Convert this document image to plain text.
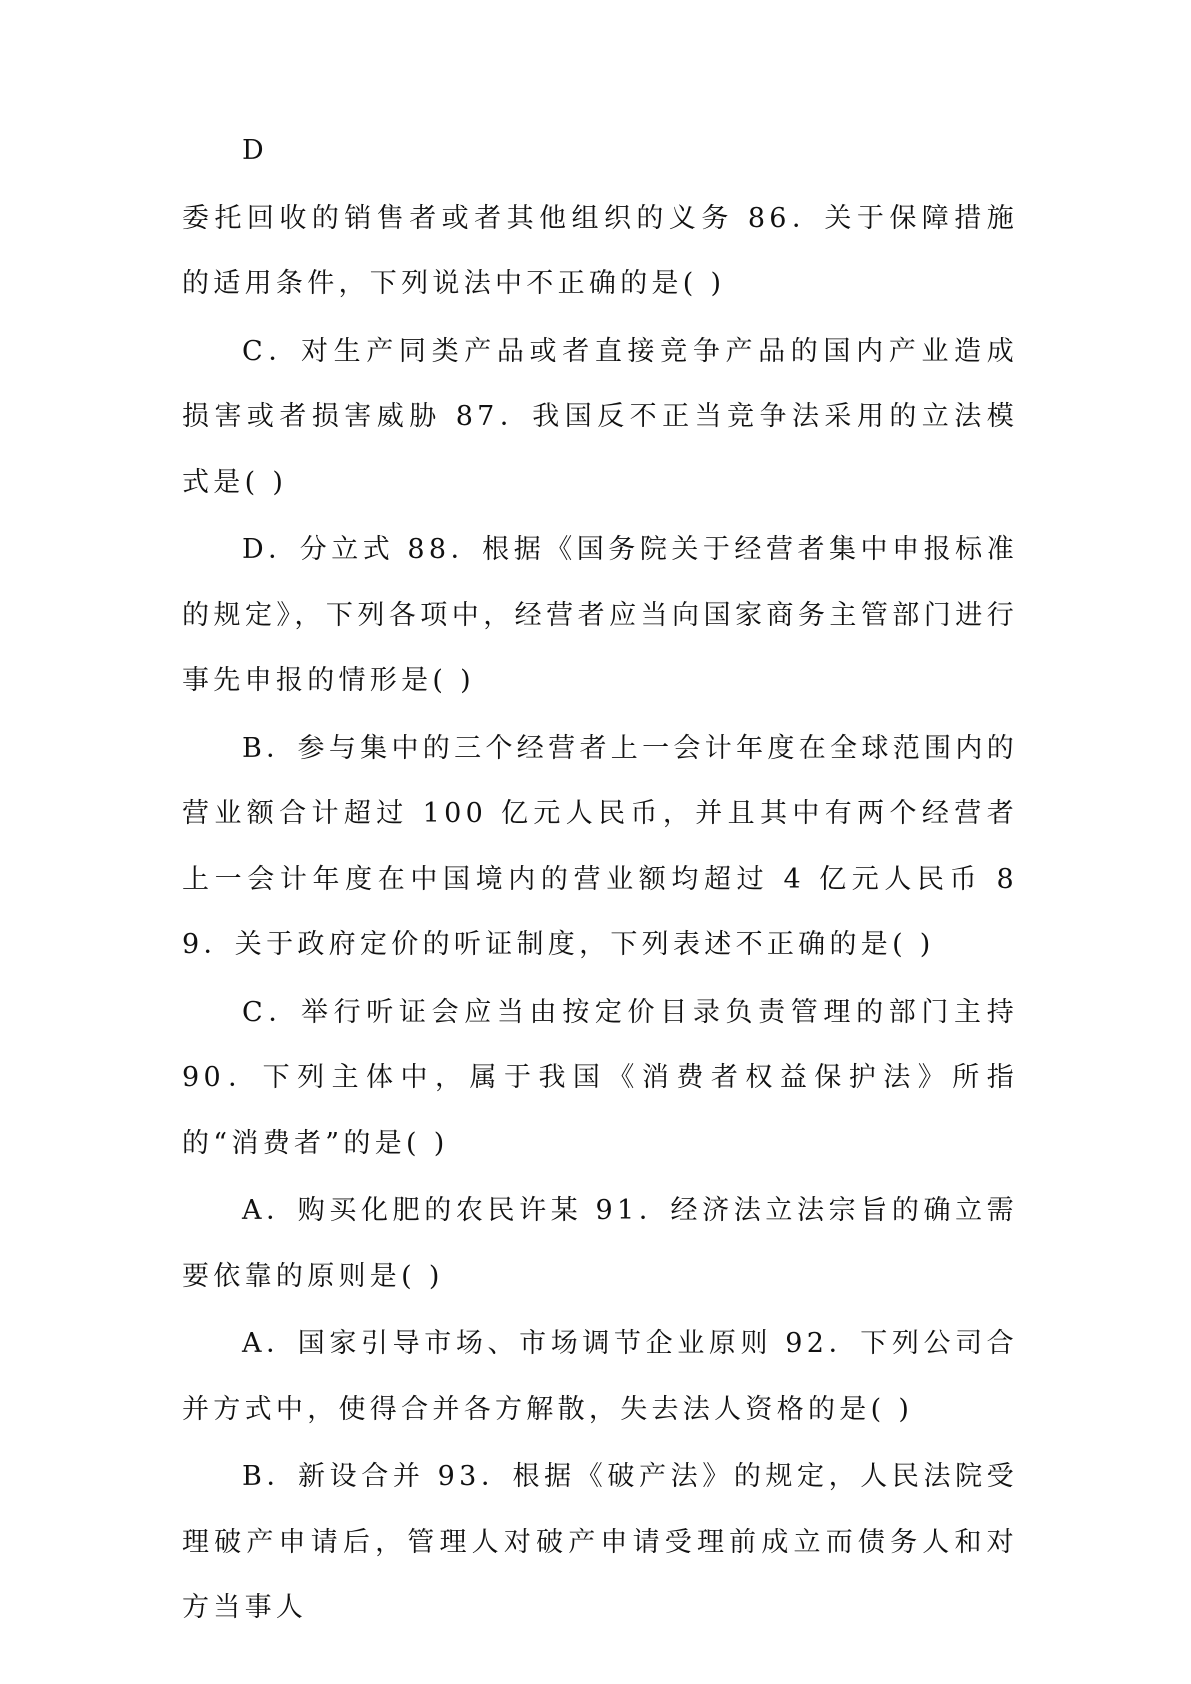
D

委托回收的销售者或者其他组织的义务 86．关于保障措施的适用条件，下列说法中不正确的是( )

C．对生产同类产品或者直接竞争产品的国内产业造成损害或者损害威胁 87．我国反不正当竞争法采用的立法模式是( )

D．分立式 88．根据《国务院关于经营者集中申报标准的规定》，下列各项中，经营者应当向国家商务主管部门进行事先申报的情形是( )

B．参与集中的三个经营者上一会计年度在全球范围内的营业额合计超过 100 亿元人民币，并且其中有两个经营者上一会计年度在中国境内的营业额均超过 4 亿元人民币 89．关于政府定价的听证制度，下列表述不正确的是( )

C．举行听证会应当由按定价目录负责管理的部门主持 90．下列主体中，属于我国《消费者权益保护法》所指的“消费者”的是( )

A．购买化肥的农民许某 91．经济法立法宗旨的确立需要依靠的原则是( )

A．国家引导市场、市场调节企业原则 92．下列公司合并方式中，使得合并各方解散，失去法人资格的是( )

B．新设合并 93．根据《破产法》的规定，人民法院受理破产申请后，管理人对破产申请受理前成立而债务人和对方当事人
